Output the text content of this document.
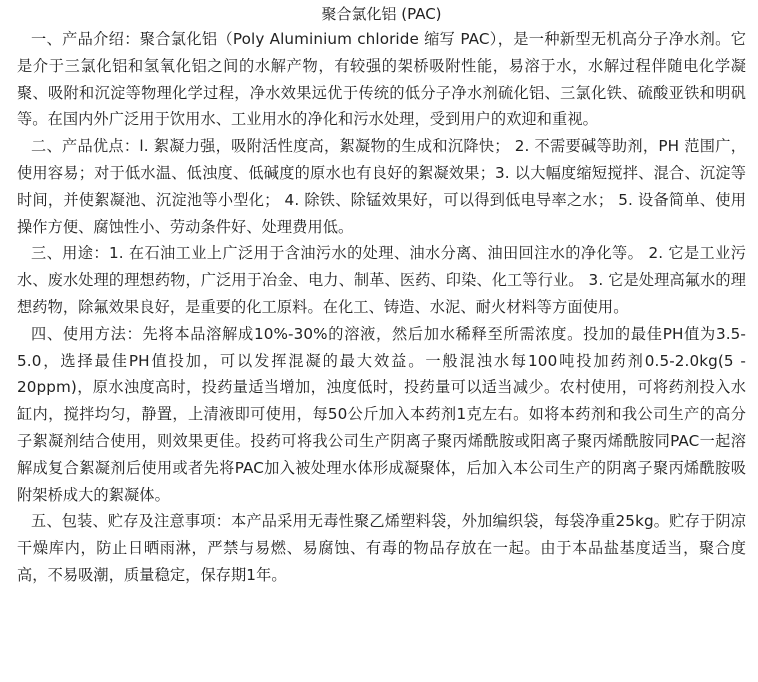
聚合氯化铝 (PAC)

一、产品介绍：聚合氯化铝（Poly Aluminium chloride 缩写 PAC），是一种新型无机高分子净水剂。它是介于三氯化铝和氢氧化铝之间的水解产物，有较强的架桥吸附性能，易溶于水，水解过程伴随电化学凝聚、吸附和沉淀等物理化学过程，净水效果远优于传统的低分子净水剂硫化铝、三氯化铁、硫酸亚铁和明矾等。在国内外广泛用于饮用水、工业用水的净化和污水处理，受到用户的欢迎和重视。

二、产品优点：l. 絮凝力强，吸附活性度高，絮凝物的生成和沉降快； 2. 不需要碱等助剂，PH 范围广，使用容易；对于低水温、低浊度、低碱度的原水也有良好的絮凝效果；3. 以大幅度缩短搅拌、混合、沉淀等时间，并使絮凝池、沉淀池等小型化； 4. 除铁、除锰效果好，可以得到低电导率之水； 5. 设备简单、使用操作方便、腐蚀性小、劳动条件好、处理费用低。

三、用途：1. 在石油工业上广泛用于含油污水的处理、油水分离、油田回注水的净化等。 2. 它是工业污水、废水处理的理想药物，广泛用于冶金、电力、制革、医药、印染、化工等行业。 3. 它是处理高氟水的理想药物，除氟效果良好，是重要的化工原料。在化工、铸造、水泥、耐火材料等方面使用。

四、使用方法：先将本品溶解成10%-30%的溶液，然后加水稀释至所需浓度。投加的最佳PH值为3.5-5.0，选择最佳PH值投加，可以发挥混凝的最大效益。一般混浊水每100吨投加药剂0.5-2.0kg(5 - 20ppm)，原水浊度高时，投药量适当增加，浊度低时，投药量可以适当减少。农村使用，可将药剂投入水缸内，搅拌均匀，静置，上清液即可使用，每50公斤加入本药剂1克左右。如将本药剂和我公司生产的高分子絮凝剂结合使用，则效果更佳。投药可将我公司生产阴离子聚丙烯酰胺或阳离子聚丙烯酰胺同PAC一起溶解成复合絮凝剂后使用或者先将PAC加入被处理水体形成凝聚体，后加入本公司生产的阴离子聚丙烯酰胺吸附架桥成大的絮凝体。

五、包装、贮存及注意事项：本产品采用无毒性聚乙烯塑料袋，外加编织袋，每袋净重25kg。贮存于阴凉干燥库内，防止日晒雨淋，严禁与易燃、易腐蚀、有毒的物品存放在一起。由于本品盐基度适当，聚合度高，不易吸潮，质量稳定，保存期1年。
